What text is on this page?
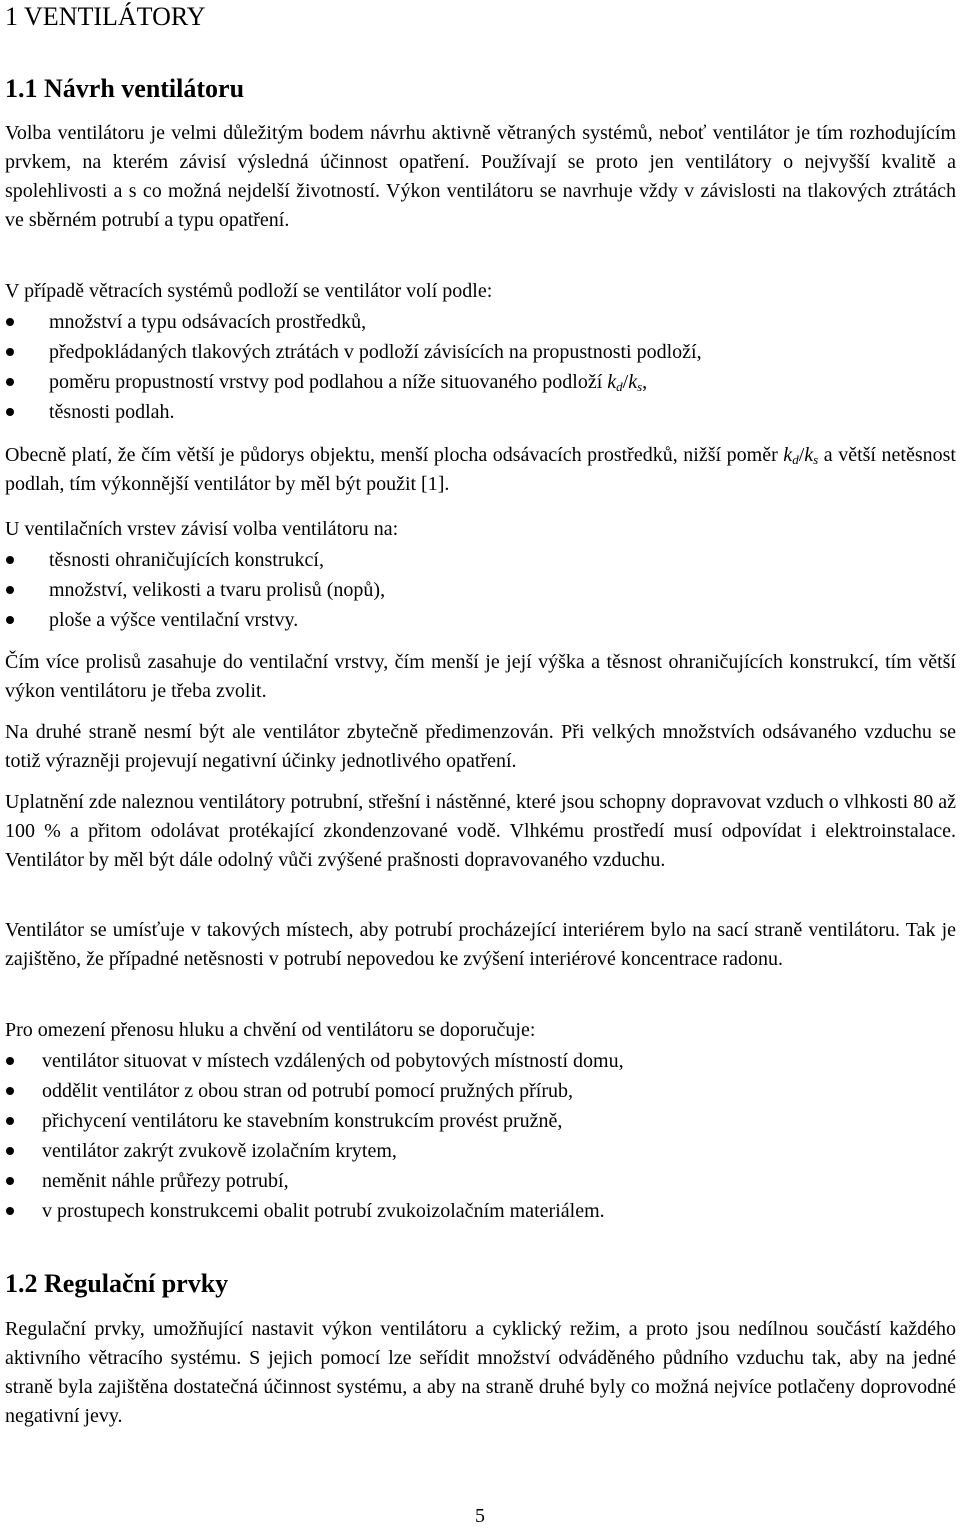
1 VENTILÁTORY
1.1 Návrh ventilátoru

Volba ventilátoru je velmi důležitým bodem návrhu aktivně větraných systémů, neboť ventilátor je tím rozhodujícím prvkem, na kterém závisí výsledná účinnost opatření. Používají se proto jen ventilátory o nejvyšší kvalitě a spolehlivosti a s co možná nejdelší životností. Výkon ventilátoru se navrhuje vždy v závislosti na tlakových ztrátách ve sběrném potrubí a typu opatření.

V případě větracích systémů podloží se ventilátor volí podle:

množství a typu odsávacích prostředků,
předpokládaných tlakových ztrátách v podloží závisících na propustnosti podloží,
poměru propustností vrstvy pod podlahou a níže situovaného podloží $k_d/k_s$,
těsnosti podlah.

Obecně platí, že čím větší je půdorys objektu, menší plocha odsávacích prostředků, nižší poměr $k_d/k_s$ a větší netěsnost podlah, tím výkonnější ventilátor by měl být použit [1].

U ventilačních vrstev závisí volba ventilátoru na:

těsnosti ohraničujících konstrukcí,
množství, velikosti a tvaru prolisů (nopů),
ploše a výšce ventilační vrstvy.

Čím více prolisů zasahuje do ventilační vrstvy, čím menší je její výška a těsnost ohraničujících konstrukcí, tím větší výkon ventilátoru je třeba zvolit.

Na druhé straně nesmí být ale ventilátor zbytečně předimenzován. Při velkých množstvích odsávaného vzduchu se totiž výrazněji projevují negativní účinky jednotlivého opatření.

Uplatnění zde naleznou ventilátory potrubní, střešní i nástěnné, které jsou schopny dopravovat vzduch o vlhkosti 80 až 100 % a přitom odolávat protékající zkondenzované vodě. Vlhkému prostředí musí odpovídat i elektroinstalace. Ventilátor by měl být dále odolný vůči zvýšené prašnosti dopravovaného vzduchu.

Ventilátor se umísťuje v takových místech, aby potrubí procházející interiérem bylo na sací straně ventilátoru. Tak je zajištěno, že případné netěsnosti v potrubí nepovedou ke zvýšení interiérové koncentrace radonu.

Pro omezení přenosu hluku a chvění od ventilátoru se doporučuje:

ventilátor situovat v místech vzdálených od pobytových místností domu,
oddělit ventilátor z obou stran od potrubí pomocí pružných přírub,
přichycení ventilátoru ke stavebním konstrukcím provést pružně,
ventilátor zakrýt zvukově izolačním krytem,
neměnit náhle průřezy potrubí,
v prostupech konstrukcemi obalit potrubí zvukoizolačním materiálem.
1.2 Regulační prvky

Regulační prvky, umožňující nastavit výkon ventilátoru a cyklický režim, a proto jsou nedílnou součástí každého aktivního větracího systému. S jejich pomocí lze seřídit množství odváděného půdního vzduchu tak, aby na jedné straně byla zajištěna dostatečná účinnost systému, a aby na straně druhé byly co možná nejvíce potlačeny doprovodné negativní jevy.

5
